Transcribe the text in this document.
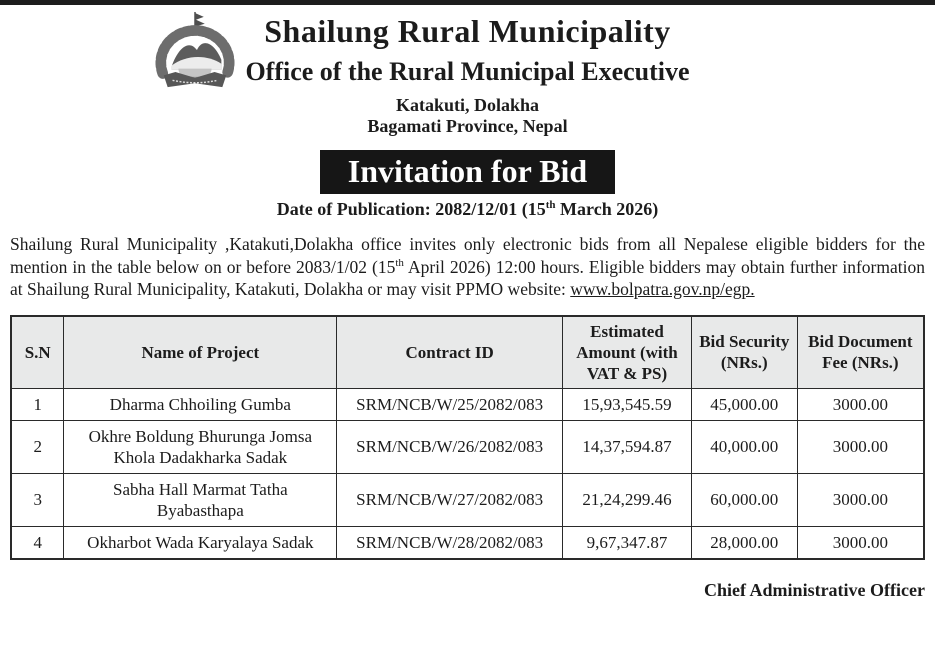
Shailung Rural Municipality
Office of the Rural Municipal Executive
Katakuti, Dolakha
Bagamati Province, Nepal
Invitation for Bid
Date of Publication: 2082/12/01 (15th March 2026)

Shailung Rural Municipality ,Katakuti,Dolakha office invites only electronic bids from all Nepalese eligible bidders for the mention in the table below on or before 2083/1/02 (15th April 2026) 12:00 hours. Eligible bidders may obtain further information at Shailung Rural Municipality, Katakuti, Dolakha or may visit PPMO website: www.bolpatra.gov.np/egp.

S.N	Name of Project	Contract ID	Estimated Amount (with VAT & PS)	Bid Security (NRs.)	Bid Document Fee (NRs.)
1	Dharma Chhoiling Gumba	SRM/NCB/W/25/2082/083	15,93,545.59	45,000.00	3000.00
2	Okhre Boldung Bhurunga Jomsa Khola Dadakharka Sadak	SRM/NCB/W/26/2082/083	14,37,594.87	40,000.00	3000.00
3	Sabha Hall Marmat Tatha Byabasthapa	SRM/NCB/W/27/2082/083	21,24,299.46	60,000.00	3000.00
4	Okharbot Wada Karyalaya Sadak	SRM/NCB/W/28/2082/083	9,67,347.87	28,000.00	3000.00
Chief Administrative Officer
